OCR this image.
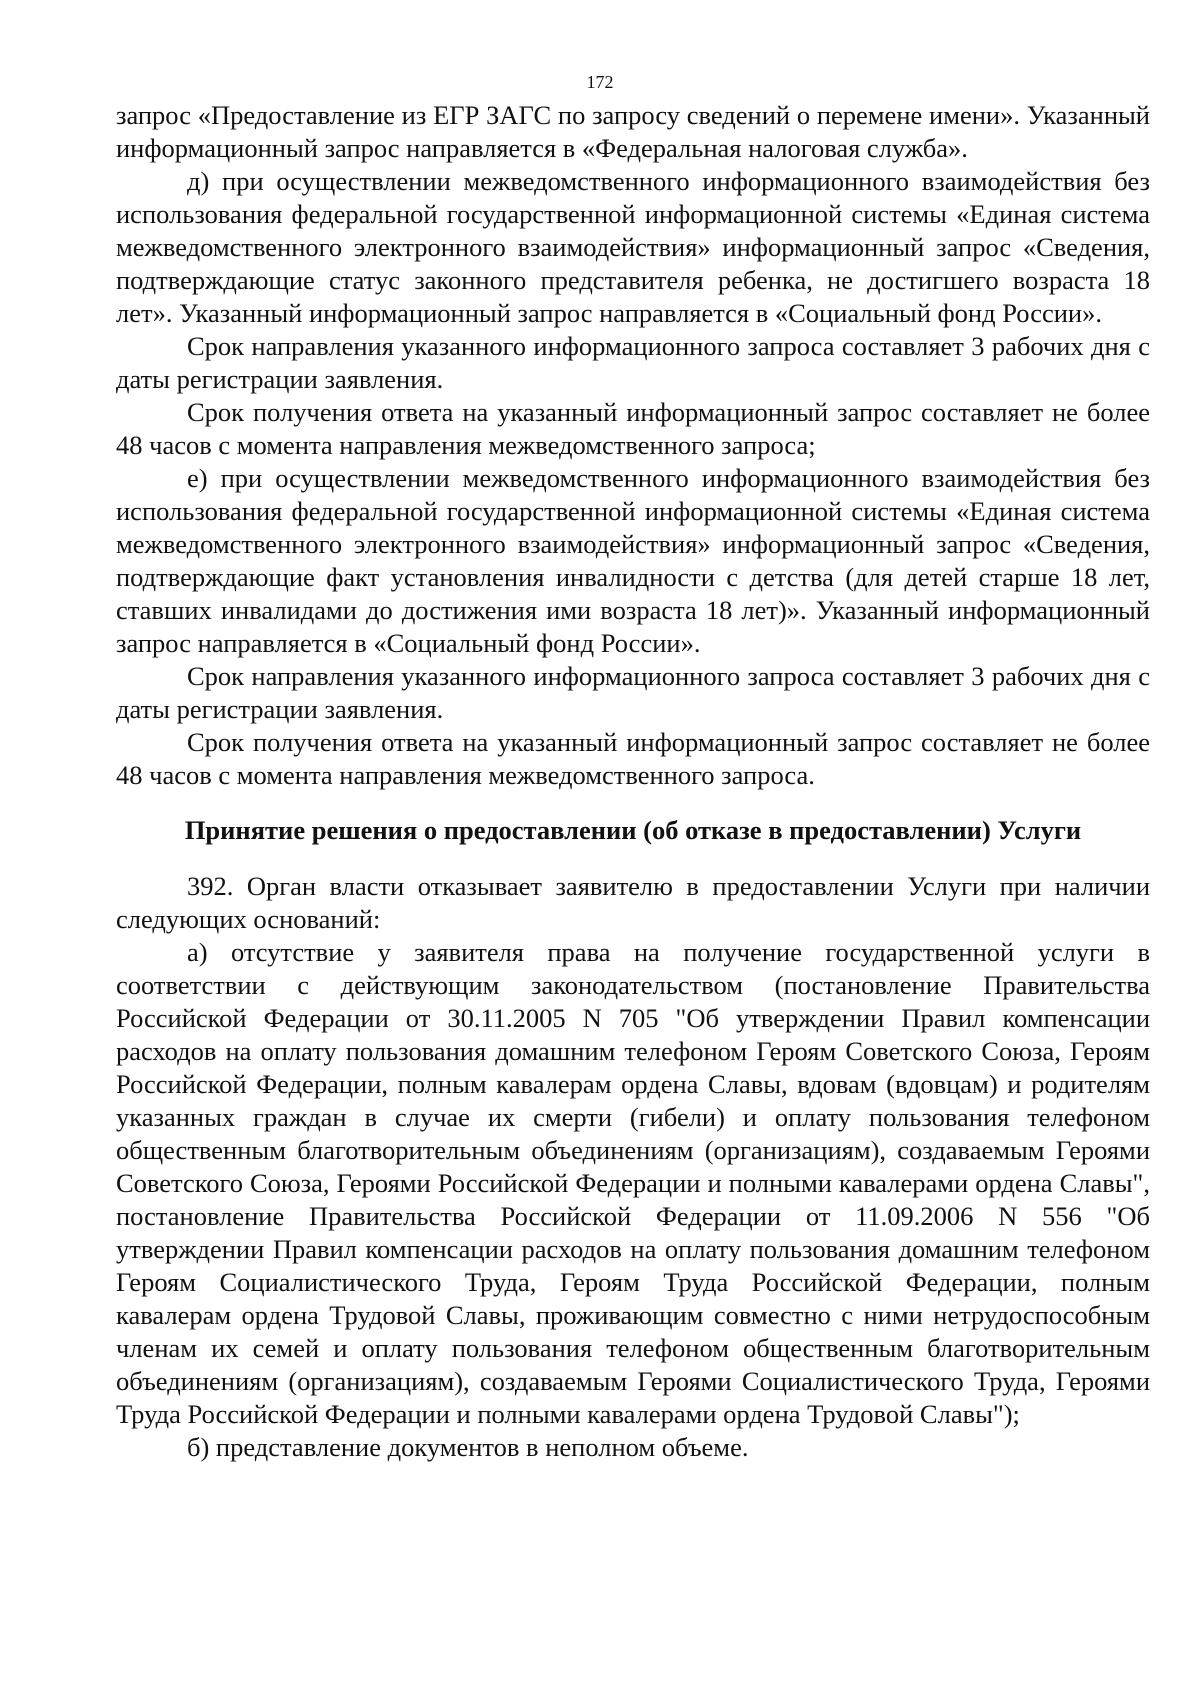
172

запрос «Предоставление из ЕГР ЗАГС по запросу сведений о перемене имени». Указанный информационный запрос направляется в «Федеральная налоговая служба».

д) при осуществлении межведомственного информационного взаимодействия без использования федеральной государственной информационной системы «Единая система межведомственного электронного взаимодействия» информационный запрос «Сведения, подтверждающие статус законного представителя ребенка, не достигшего возраста 18 лет». Указанный информационный запрос направляется в «Социальный фонд России».

Срок направления указанного информационного запроса составляет 3 рабочих дня с даты регистрации заявления.

Срок получения ответа на указанный информационный запрос составляет не более 48 часов с момента направления межведомственного запроса;

е) при осуществлении межведомственного информационного взаимодействия без использования федеральной государственной информационной системы «Единая система межведомственного электронного взаимодействия» информационный запрос «Сведения, подтверждающие факт установления инвалидности с детства (для детей старше 18 лет, ставших инвалидами до достижения ими возраста 18 лет)». Указанный информационный запрос направляется в «Социальный фонд России».

Срок направления указанного информационного запроса составляет 3 рабочих дня с даты регистрации заявления.

Срок получения ответа на указанный информационный запрос составляет не более 48 часов с момента направления межведомственного запроса.

Принятие решения о предоставлении (об отказе в предоставлении) Услуги

392. Орган власти отказывает заявителю в предоставлении Услуги при наличии следующих оснований:

а) отсутствие у заявителя права на получение государственной услуги в соответствии с действующим законодательством (постановление Правительства Российской Федерации от 30.11.2005 N 705 "Об утверждении Правил компенсации расходов на оплату пользования домашним телефоном Героям Советского Союза, Героям Российской Федерации, полным кавалерам ордена Славы, вдовам (вдовцам) и родителям указанных граждан в случае их смерти (гибели) и оплату пользования телефоном общественным благотворительным объединениям (организациям), создаваемым Героями Советского Союза, Героями Российской Федерации и полными кавалерами ордена Славы", постановление Правительства Российской Федерации от 11.09.2006 N 556 "Об утверждении Правил компенсации расходов на оплату пользования домашним телефоном Героям Социалистического Труда, Героям Труда Российской Федерации, полным кавалерам ордена Трудовой Славы, проживающим совместно с ними нетрудоспособным членам их семей и оплату пользования телефоном общественным благотворительным объединениям (организациям), создаваемым Героями Социалистического Труда, Героями Труда Российской Федерации и полными кавалерами ордена Трудовой Славы");

б) представление документов в неполном объеме.
